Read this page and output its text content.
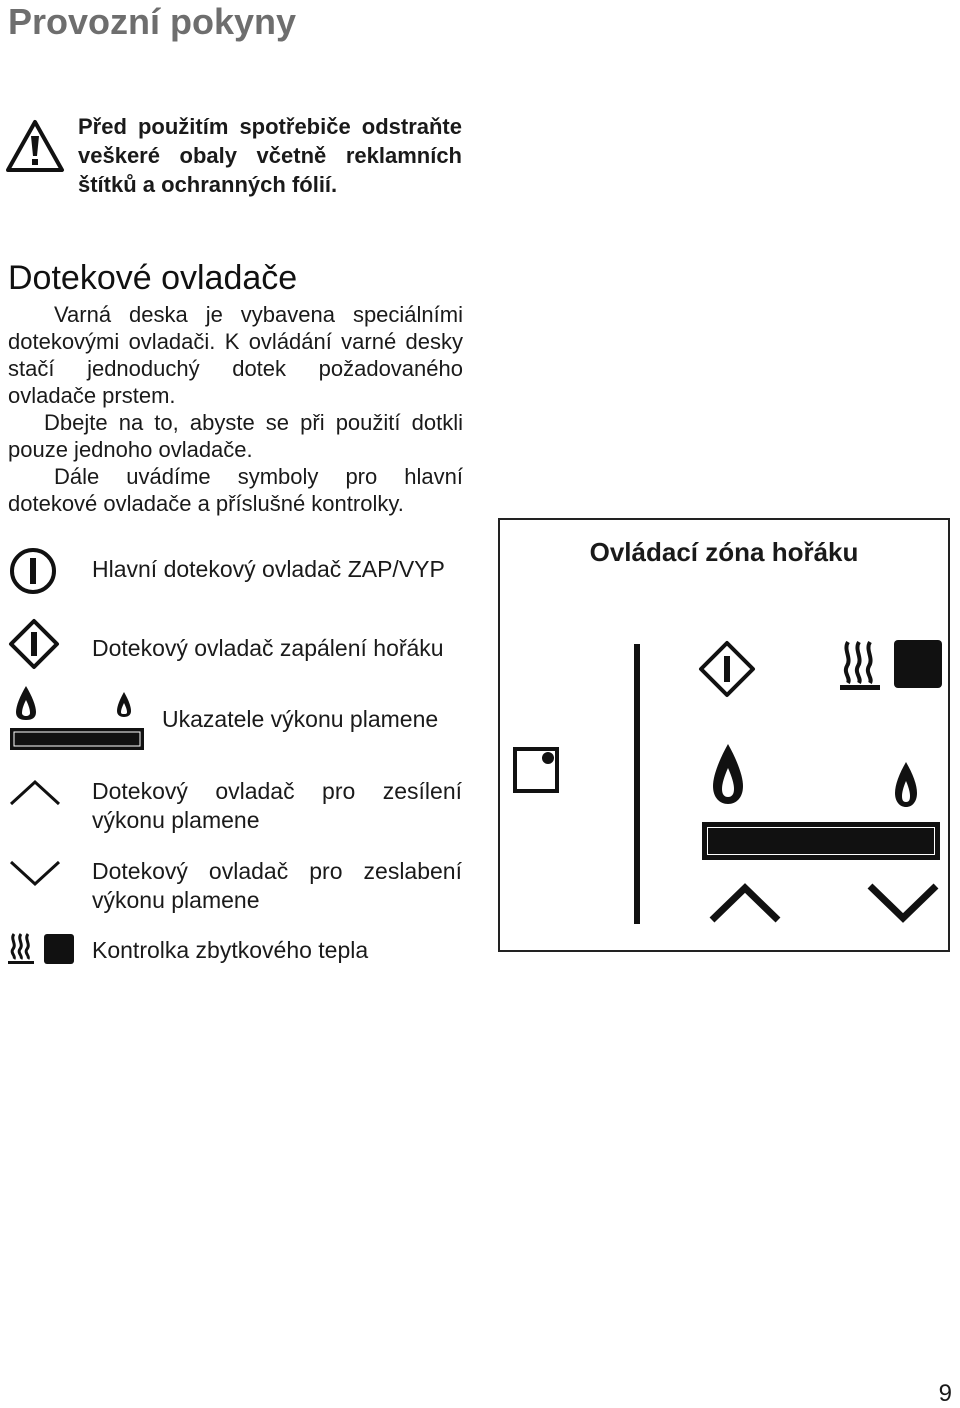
Provozní pokyny
Před použitím spotřebiče odstraňte veškeré obaly včetně reklamních štítků a ochranných fólií.
Dotekové ovladače
Varná deska je vybavena speciálními dotekovými ovladači. K ovládání varné desky stačí jednoduchý dotek požadovaného ovladače prstem.
Dbejte na to, abyste se při použití dotkli pouze jednoho ovladače.
Dále uvádíme symboly pro hlavní dotekové ovladače a příslušné kontrolky.
Hlavní dotekový ovladač ZAP/VYP
Dotekový ovladač zapálení hořáku
Ukazatele výkonu plamene
Dotekový ovladač pro zesílení výkonu plamene
Dotekový ovladač pro zeslabení výkonu plamene
Kontrolka zbytkového tepla
Ovládací zóna hořáku
9
